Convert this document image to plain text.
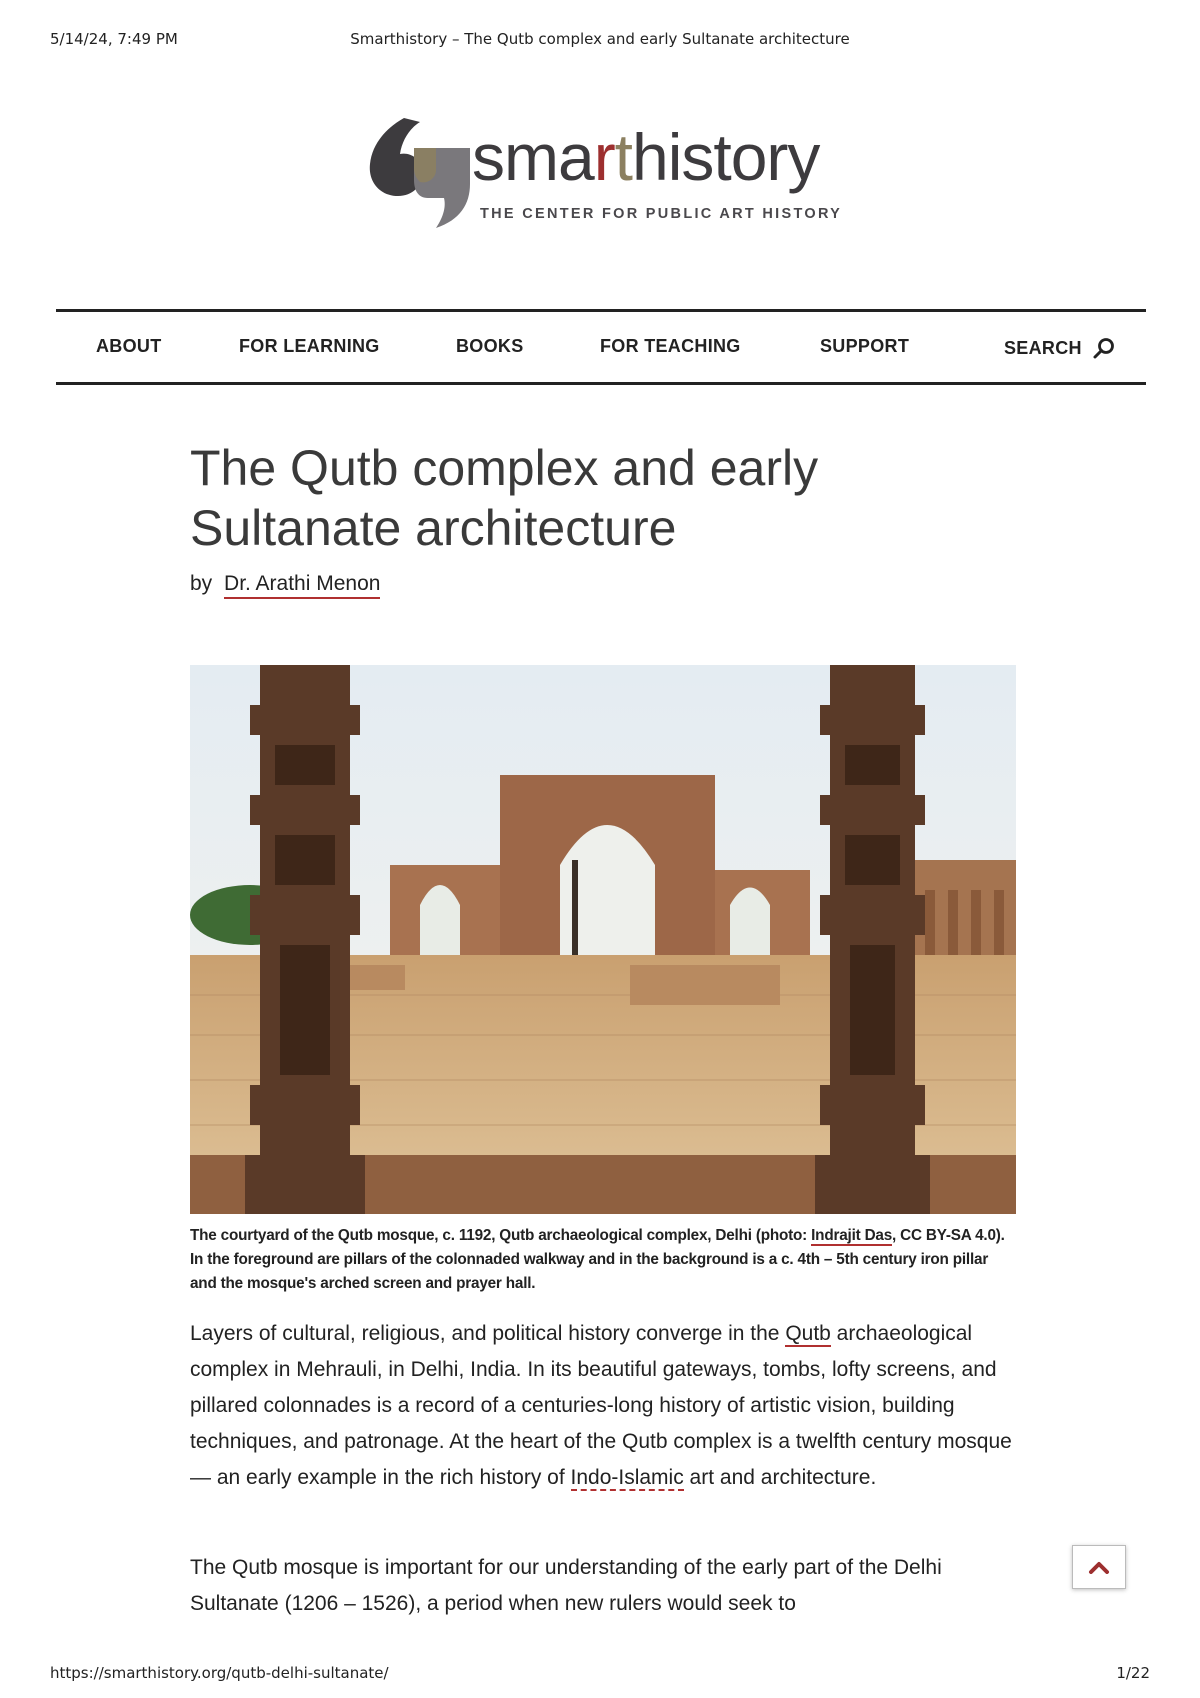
5/14/24, 7:49 PM	Smarthistory – The Qutb complex and early Sultanate architecture
smarthistory
THE CENTER FOR PUBLIC ART HISTORY
ABOUT	FOR LEARNING	BOOKS	FOR TEACHING	SUPPORT	SEARCH
The Qutb complex and early
Sultanate architecture
by Dr. Arathi Menon
The courtyard of the Qutb mosque, c. 1192, Qutb archaeological complex, Delhi (photo: Indrajit Das, CC BY-SA 4.0). In the foreground are pillars of the colonnaded walkway and in the background is a c. 4th – 5th century iron pillar and the mosque's arched screen and prayer hall.

Layers of cultural, religious, and political history converge in the Qutb archaeological complex in Mehrauli, in Delhi, India. In its beautiful gateways, tombs, lofty screens, and pillared colonnades is a record of a centuries-long history of artistic vision, building techniques, and patronage. At the heart of the Qutb complex is a twelfth century mosque— an early example in the rich history of Indo-Islamic art and architecture.

The Qutb mosque is important for our understanding of the early part of the Delhi Sultanate (1206 – 1526), a period when new rulers would seek to

https://smarthistory.org/qutb-delhi-sultanate/	1/22
